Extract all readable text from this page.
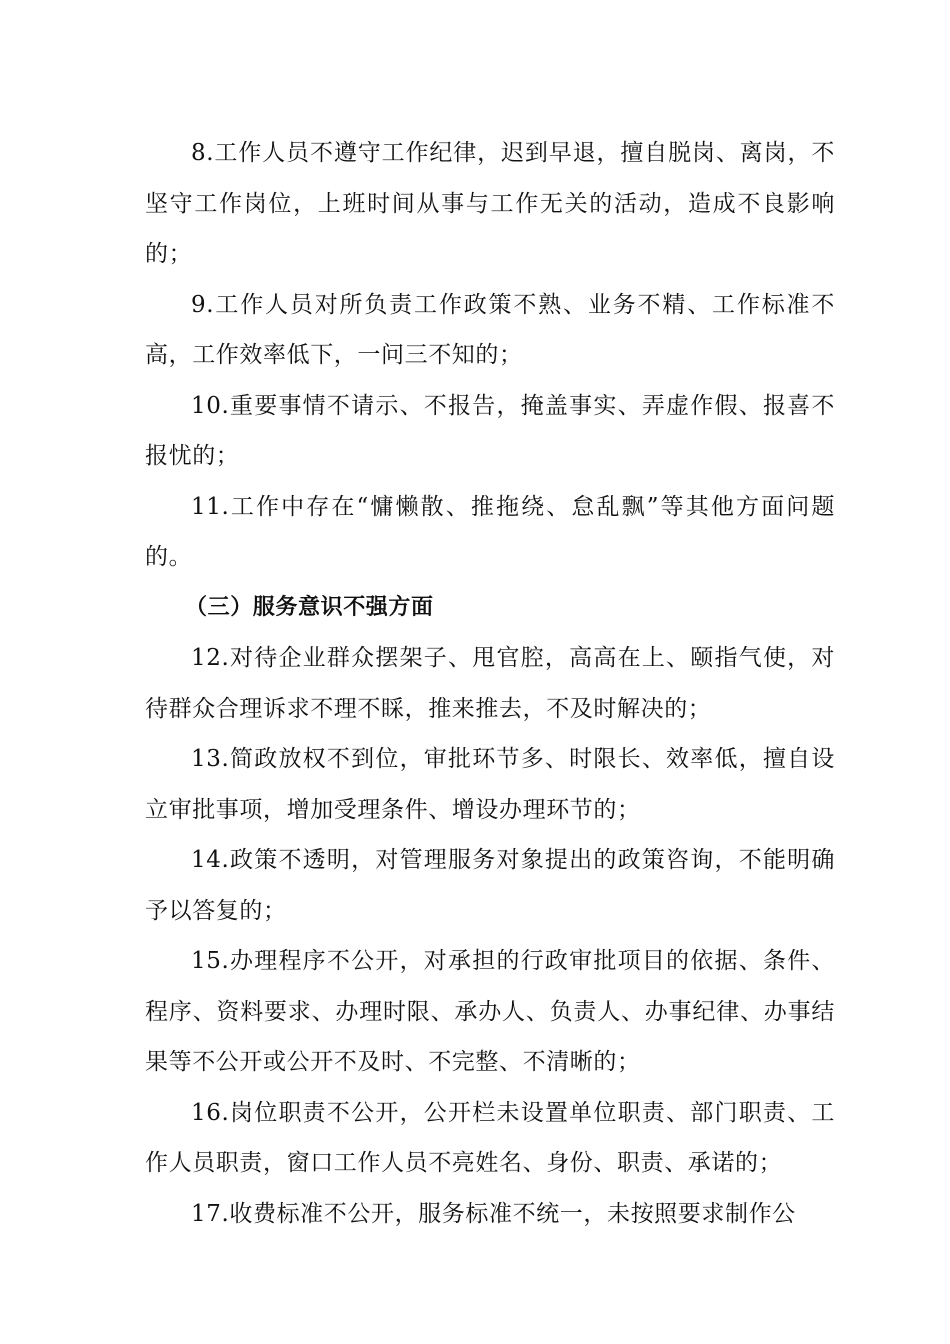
8.工作人员不遵守工作纪律，迟到早退，擅自脱岗、离岗，不坚守工作岗位，上班时间从事与工作无关的活动，造成不良影响的；

9.工作人员对所负责工作政策不熟、业务不精、工作标准不高，工作效率低下，一问三不知的；

10.重要事情不请示、不报告，掩盖事实、弄虚作假、报喜不报忧的；

11.工作中存在“慵懒散、推拖绕、怠乱飘”等其他方面问题的。

（三）服务意识不强方面

12.对待企业群众摆架子、甩官腔，高高在上、颐指气使，对待群众合理诉求不理不睬，推来推去，不及时解决的；

13.简政放权不到位，审批环节多、时限长、效率低，擅自设立审批事项，增加受理条件、增设办理环节的；

14.政策不透明，对管理服务对象提出的政策咨询，不能明确予以答复的；

15.办理程序不公开，对承担的行政审批项目的依据、条件、程序、资料要求、办理时限、承办人、负责人、办事纪律、办事结果等不公开或公开不及时、不完整、不清晰的；

16.岗位职责不公开，公开栏未设置单位职责、部门职责、工作人员职责，窗口工作人员不亮姓名、身份、职责、承诺的；

17.收费标准不公开，服务标准不统一，未按照要求制作公
